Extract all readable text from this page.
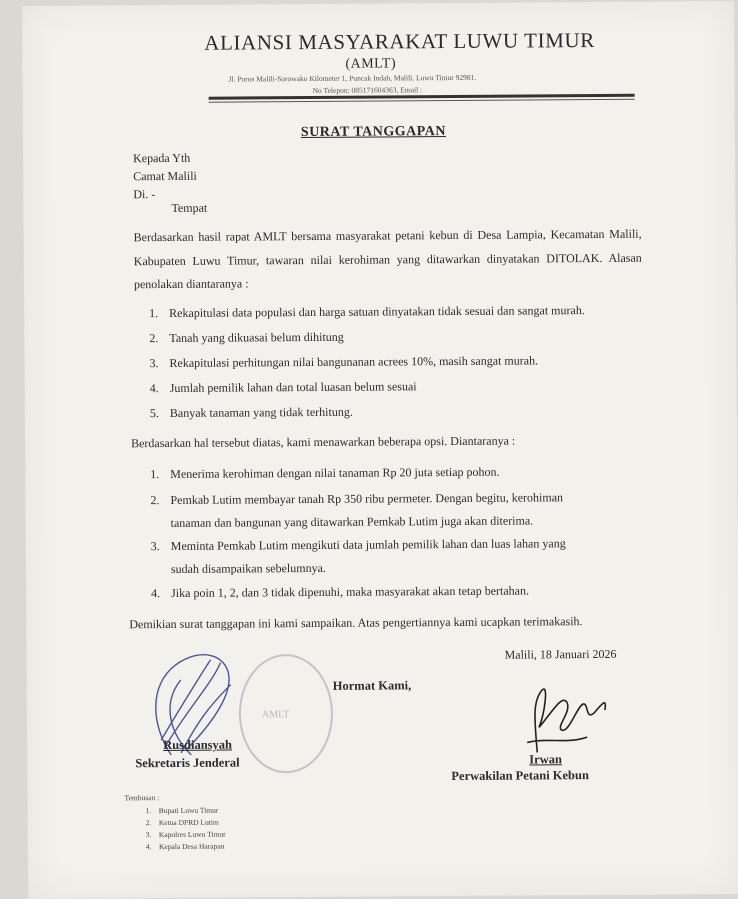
ALIANSI MASYARAKAT LUWU TIMUR
(AMLT)
Jl. Poros Malili-Sorowako Kilometer 1, Puncak Indah, Malili, Luwu Timur 92981.
No Telepon: 085171604363, Email :
SURAT TANGGAPAN
Kepada Yth
Camat Malili
Di. -
Tempat
Berdasarkan hasil rapat AMLT bersama masyarakat petani kebun di Desa Lampia, Kecamatan Malili, Kabupaten Luwu Timur, tawaran nilai kerohiman yang ditawarkan dinyatakan DITOLAK. Alasan penolakan diantaranya :
1. Rekapitulasi data populasi dan harga satuan dinyatakan tidak sesuai dan sangat murah.
2. Tanah yang dikuasai belum dihitung
3. Rekapitulasi perhitungan nilai bangunanan acrees 10%, masih sangat murah.
4. Jumlah pemilik lahan dan total luasan belum sesuai
5. Banyak tanaman yang tidak terhitung.
Berdasarkan hal tersebut diatas, kami menawarkan beberapa opsi. Diantaranya :
1. Menerima kerohiman dengan nilai tanaman Rp 20 juta setiap pohon.
2. Pemkab Lutim membayar tanah Rp 350 ribu permeter. Dengan begitu, kerohiman
tanaman dan bangunan yang ditawarkan Pemkab Lutim juga akan diterima.
3. Meminta Pemkab Lutim mengikuti data jumlah pemilik lahan dan luas lahan yang
sudah disampaikan sebelumnya.
4. Jika poin 1, 2, dan 3 tidak dipenuhi, maka masyarakat akan tetap bertahan.
Demikian surat tanggapan ini kami sampaikan. Atas pengertiannya kami ucapkan terimakasih.
Malili, 18 Januari 2026
Hormat Kami,
AMLT
Rusdiansyah
Sekretaris Jenderal	Irwan
Perwakilan Petani Kebun
Tembusan :
1. Bupati Luwu Timur
2. Ketua DPRD Lutim
3. Kapolres Luwu Timur
4. Kepala Desa Harapan
